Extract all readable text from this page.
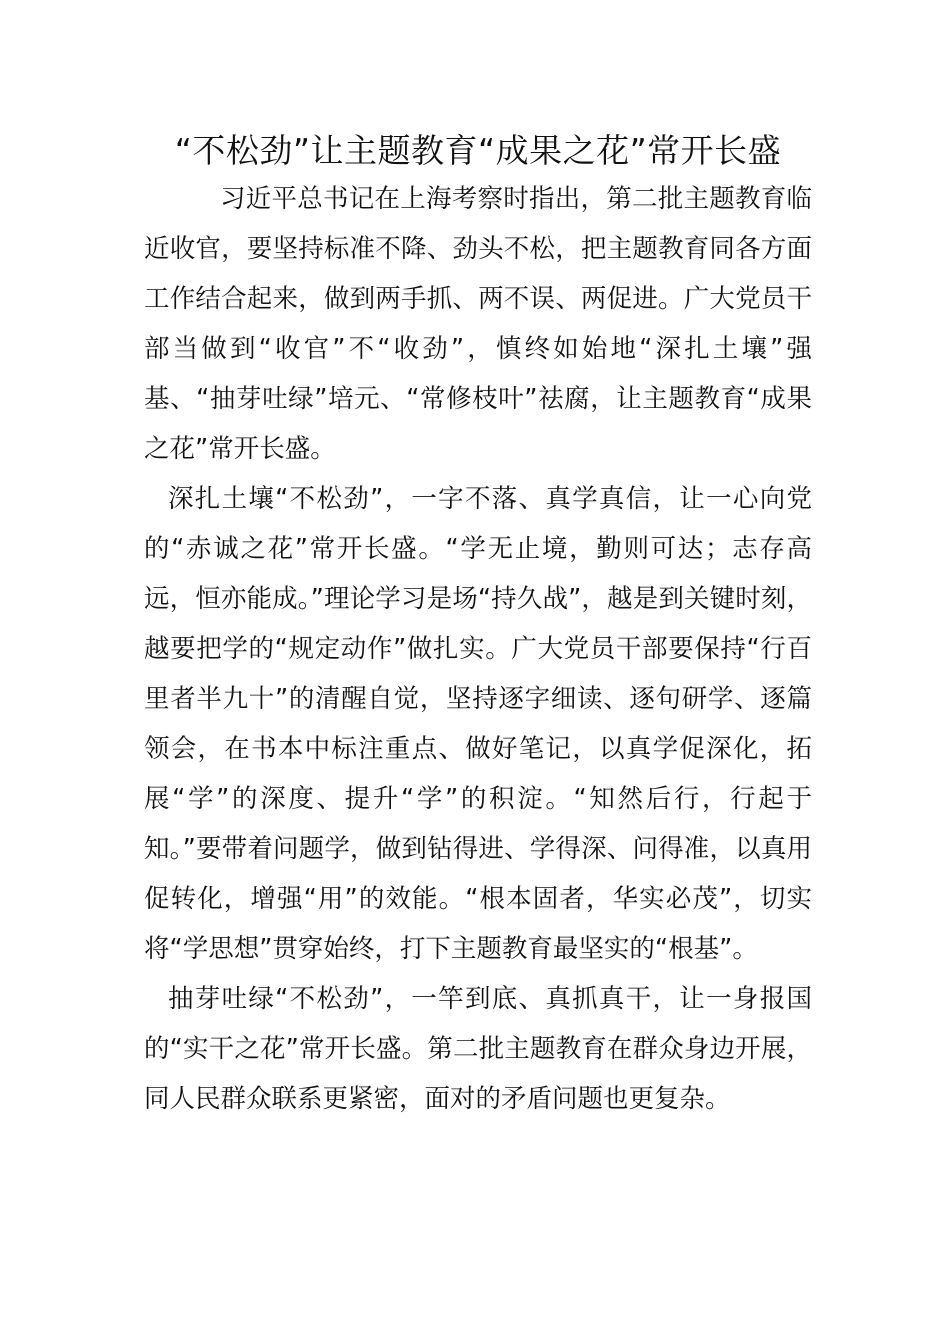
“不松劲”让主题教育“成果之花”常开长盛

习近平总书记在上海考察时指出，第二批主题教育临近收官，要坚持标准不降、劲头不松，把主题教育同各方面工作结合起来，做到两手抓、两不误、两促进。广大党员干部当做到“收官”不“收劲”，慎终如始地“深扎土壤”强基、“抽芽吐绿”培元、“常修枝叶”祛腐，让主题教育“成果之花”常开长盛。

深扎土壤“不松劲”，一字不落、真学真信，让一心向党的“赤诚之花”常开长盛。“学无止境，勤则可达；志存高远，恒亦能成。”理论学习是场“持久战”，越是到关键时刻，越要把学的“规定动作”做扎实。广大党员干部要保持“行百里者半九十”的清醒自觉，坚持逐字细读、逐句研学、逐篇领会，在书本中标注重点、做好笔记，以真学促深化，拓展“学”的深度、提升“学”的积淀。“知然后行，行起于知。”要带着问题学，做到钻得进、学得深、问得准，以真用促转化，增强“用”的效能。“根本固者，华实必茂”，切实将“学思想”贯穿始终，打下主题教育最坚实的“根基”。

抽芽吐绿“不松劲”，一竿到底、真抓真干，让一身报国的“实干之花”常开长盛。第二批主题教育在群众身边开展，同人民群众联系更紧密，面对的矛盾问题也更复杂。
